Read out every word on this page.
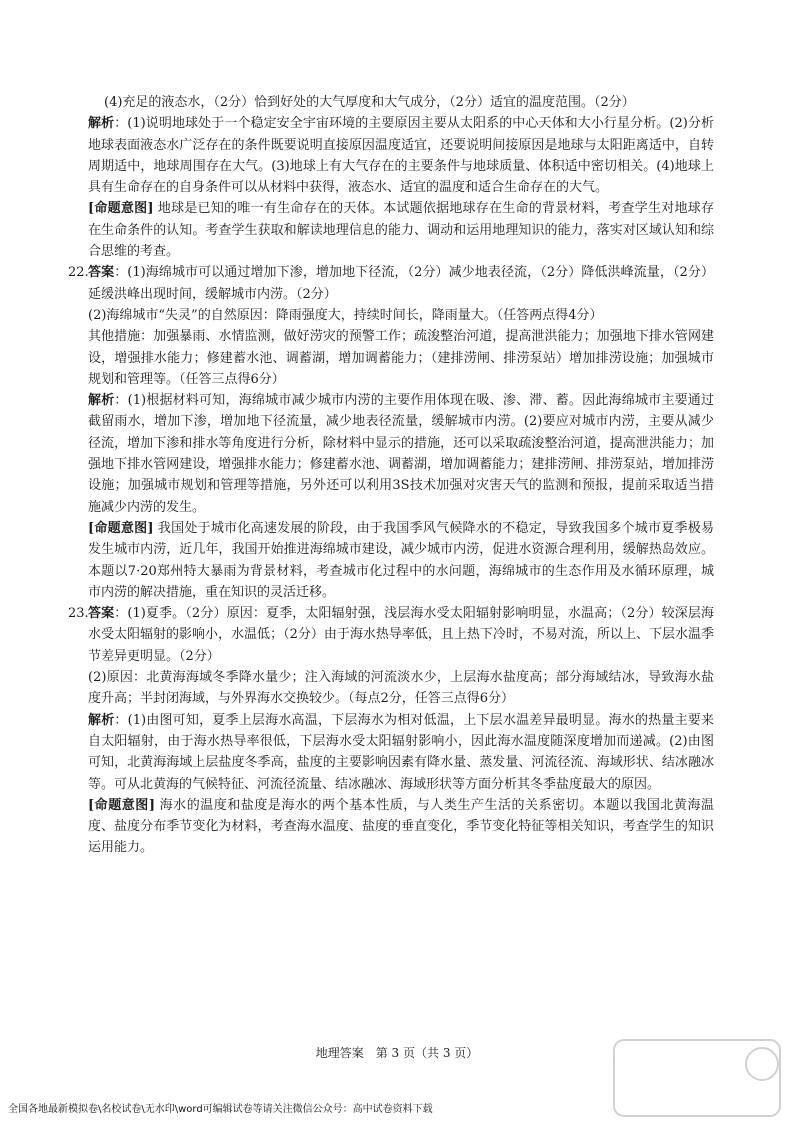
(4)充足的液态水，（2分）恰到好处的大气厚度和大气成分，（2分）适宜的温度范围。（2分）

解析：(1)说明地球处于一个稳定安全宇宙环境的主要原因主要从太阳系的中心天体和大小行星分析。(2)分析地球表面液态水广泛存在的条件既要说明直接原因温度适宜，还要说明间接原因是地球与太阳距离适中，自转周期适中，地球周围存在大气。(3)地球上有大气存在的主要条件与地球质量、体积适中密切相关。(4)地球上具有生命存在的自身条件可以从材料中获得，液态水、适宜的温度和适合生命存在的大气。

[命题意图] 地球是已知的唯一有生命存在的天体。本试题依据地球存在生命的背景材料，考查学生对地球存在生命条件的认知。考查学生获取和解读地理信息的能力、调动和运用地理知识的能力，落实对区域认知和综合思维的考查。

22. 答案：(1)海绵城市可以通过增加下渗，增加地下径流，（2分）减少地表径流，（2分）降低洪峰流量，（2分）延缓洪峰出现时间，缓解城市内涝。（2分）

(2)海绵城市“失灵”的自然原因：降雨强度大，持续时间长，降雨量大。（任答两点得4分）

其他措施：加强暴雨、水情监测，做好涝灾的预警工作；疏浚整治河道，提高泄洪能力；加强地下排水管网建设，增强排水能力；修建蓄水池、调蓄湖，增加调蓄能力；（建排涝闸、排涝泵站）增加排涝设施；加强城市规划和管理等。（任答三点得6分）

解析：(1)根据材料可知，海绵城市减少城市内涝的主要作用体现在吸、渗、滞、蓄。因此海绵城市主要通过截留雨水，增加下渗，增加地下径流量，减少地表径流量，缓解城市内涝。(2)要应对城市内涝，主要从减少径流，增加下渗和排水等角度进行分析，除材料中显示的措施，还可以采取疏浚整治河道，提高泄洪能力；加强地下排水管网建设，增强排水能力；修建蓄水池、调蓄湖，增加调蓄能力；建排涝闸、排涝泵站，增加排涝设施；加强城市规划和管理等措施，另外还可以利用3S技术加强对灾害天气的监测和预报，提前采取适当措施减少内涝的发生。

[命题意图] 我国处于城市化高速发展的阶段，由于我国季风气候降水的不稳定，导致我国多个城市夏季极易发生城市内涝，近几年，我国开始推进海绵城市建设，减少城市内涝，促进水资源合理利用，缓解热岛效应。本题以7·20郑州特大暴雨为背景材料，考查城市化过程中的水问题，海绵城市的生态作用及水循环原理，城市内涝的解决措施，重在知识的灵活迁移。

23. 答案：(1)夏季。（2分）原因：夏季，太阳辐射强，浅层海水受太阳辐射影响明显，水温高；（2分）较深层海水受太阳辐射的影响小，水温低；（2分）由于海水热导率低，且上热下冷时，不易对流，所以上、下层水温季节差异更明显。（2分）

(2)原因：北黄海海域冬季降水量少；注入海域的河流淡水少，上层海水盐度高；部分海域结冰，导致海水盐度升高；半封闭海域，与外界海水交换较少。（每点2分，任答三点得6分）

解析：(1)由图可知，夏季上层海水高温，下层海水为相对低温，上下层水温差异最明显。海水的热量主要来自太阳辐射，由于海水热导率很低，下层海水受太阳辐射影响小，因此海水温度随深度增加而递减。(2)由图可知，北黄海海域上层盐度冬季高，盐度的主要影响因素有降水量、蒸发量、河流径流、海域形状、结冰融冰等。可从北黄海的气候特征、河流径流量、结冰融冰、海域形状等方面分析其冬季盐度最大的原因。

[命题意图] 海水的温度和盐度是海水的两个基本性质，与人类生产生活的关系密切。本题以我国北黄海温度、盐度分布季节变化为材料，考查海水温度、盐度的垂直变化，季节变化特征等相关知识，考查学生的知识运用能力。

地理答案　第 3 页（共 3 页）
全国各地最新模拟卷\名校试卷\无水印\word可编辑试卷等请关注微信公众号：高中试卷资料下载
